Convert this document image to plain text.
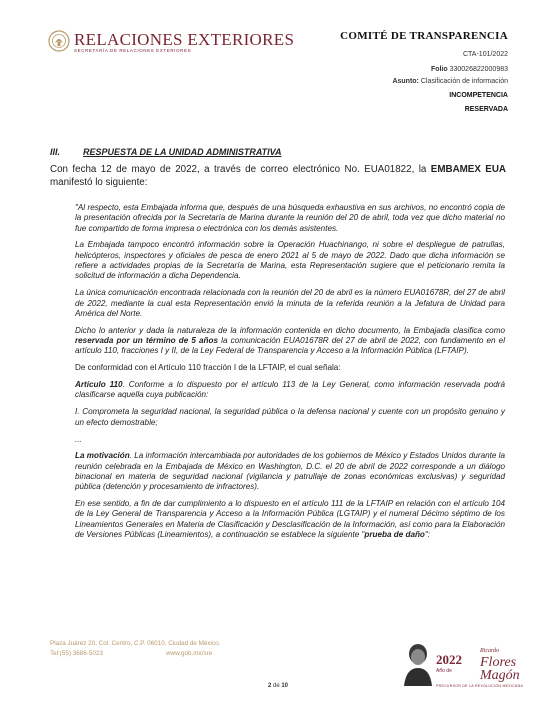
RELACIONES EXTERIORES
SECRETARÍA DE RELACIONES EXTERIORES
COMITÉ DE TRANSPARENCIA
CTA-101/2022
Folio 330026822000983
Asunto: Clasificación de información
INCOMPETENCIA
RESERVADA
III.	RESPUESTA DE LA UNIDAD ADMINISTRATIVA
Con fecha 12 de mayo de 2022, a través de correo electrónico No. EUA01822, la EMBAMEX EUA manifestó lo siguiente:

"Al respecto, esta Embajada informa que, después de una búsqueda exhaustiva en sus archivos, no encontró copia de la presentación ofrecida por la Secretaría de Marina durante la reunión del 20 de abril, toda vez que dicho material no fue compartido de forma impresa o electrónica con los demás asistentes.

La Embajada tampoco encontró información sobre la Operación Huachinango, ni sobre el despliegue de patrullas, helicópteros, inspectores y oficiales de pesca de enero 2021 al 5 de mayo de 2022. Dado que dicha información se refiere a actividades propias de la Secretaría de Marina, esta Representación sugiere que el peticionario remita la solicitud de información a dicha Dependencia.

La única comunicación encontrada relacionada con la reunión del 20 de abril es la número EUA01678R, del 27 de abril de 2022, mediante la cual esta Representación envió la minuta de la referida reunión a la Jefatura de Unidad para América del Norte.

Dicho lo anterior y dada la naturaleza de la información contenida en dicho documento, la Embajada clasifica como reservada por un término de 5 años la comunicación EUA01678R del 27 de abril de 2022, con fundamento en el artículo 110, fracciones I y II, de la Ley Federal de Transparencia y Acceso a la Información Pública (LFTAIP).

De conformidad con el Artículo 110 fracción I de la LFTAIP, el cual señala:

Artículo 110. Conforme a lo dispuesto por el artículo 113 de la Ley General, como información reservada podrá clasificarse aquella cuya publicación:

I. Comprometa la seguridad nacional, la seguridad pública o la defensa nacional y cuente con un propósito genuino y un efecto demostrable;

...

La motivación. La información intercambiada por autoridades de los gobiernos de México y Estados Unidos durante la reunión celebrada en la Embajada de México en Washington, D.C. el 20 de abril de 2022 corresponde a un diálogo binacional en materia de seguridad nacional (vigilancia y patrullaje de zonas económicas exclusivas) y seguridad pública (detención y procesamiento de infractores).

En ese sentido, a fin de dar cumplimiento a lo dispuesto en el artículo 111 de la LFTAIP en relación con el artículo 104 de la Ley General de Transparencia y Acceso a la Información Pública (LGTAIP) y el numeral Décimo séptimo de los Lineamientos Generales en Materia de Clasificación y Desclasificación de la Información, así como para la Elaboración de Versiones Públicas (Lineamientos), a continuación se establece la siguiente "prueba de daño":

Plaza Juárez 20, Col. Centro, C.P. 06010, Ciudad de México.
Tel:(55) 3686-5023	www.gob.mx/sre
2 de 10
2022
Año de
Ricardo
Flores
Magón
PRECURSOR DE LA REVOLUCIÓN MEXICANA
